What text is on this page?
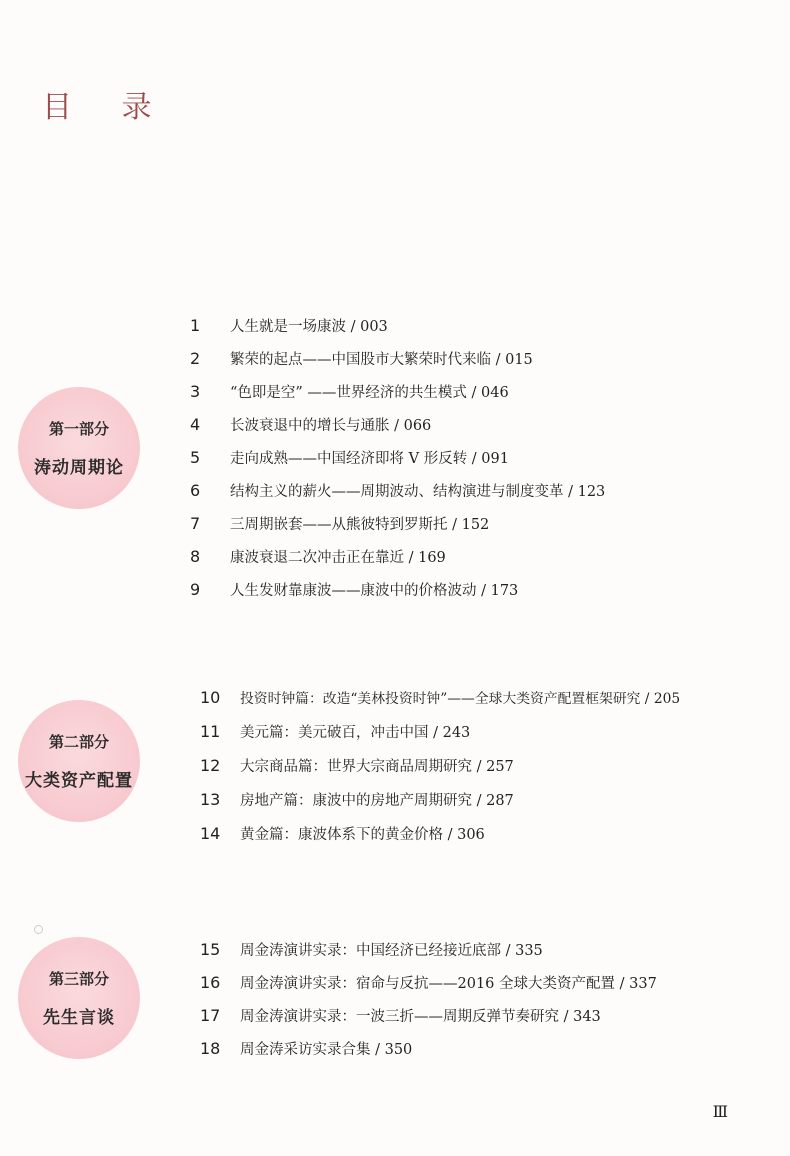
目 录
第一部分
涛动周期论
1	人生就是一场康波 / 003
2	繁荣的起点——中国股市大繁荣时代来临 / 015
3	“色即是空” ——世界经济的共生模式 / 046
4	长波衰退中的增长与通胀 / 066
5	走向成熟——中国经济即将 V 形反转 / 091
6	结构主义的薪火——周期波动、结构演进与制度变革 / 123
7	三周期嵌套——从熊彼特到罗斯托 / 152
8	康波衰退二次冲击正在靠近 / 169
9	人生发财靠康波——康波中的价格波动 / 173
第二部分
大类资产配置
10	投资时钟篇：改造“美林投资时钟”——全球大类资产配置框架研究 / 205
11	美元篇：美元破百，冲击中国 / 243
12	大宗商品篇：世界大宗商品周期研究 / 257
13	房地产篇：康波中的房地产周期研究 / 287
14	黄金篇：康波体系下的黄金价格 / 306
第三部分
先生言谈
15	周金涛演讲实录：中国经济已经接近底部 / 335
16	周金涛演讲实录：宿命与反抗——2016 全球大类资产配置 / 337
17	周金涛演讲实录：一波三折——周期反弹节奏研究 / 343
18	周金涛采访实录合集 / 350
Ⅲ
